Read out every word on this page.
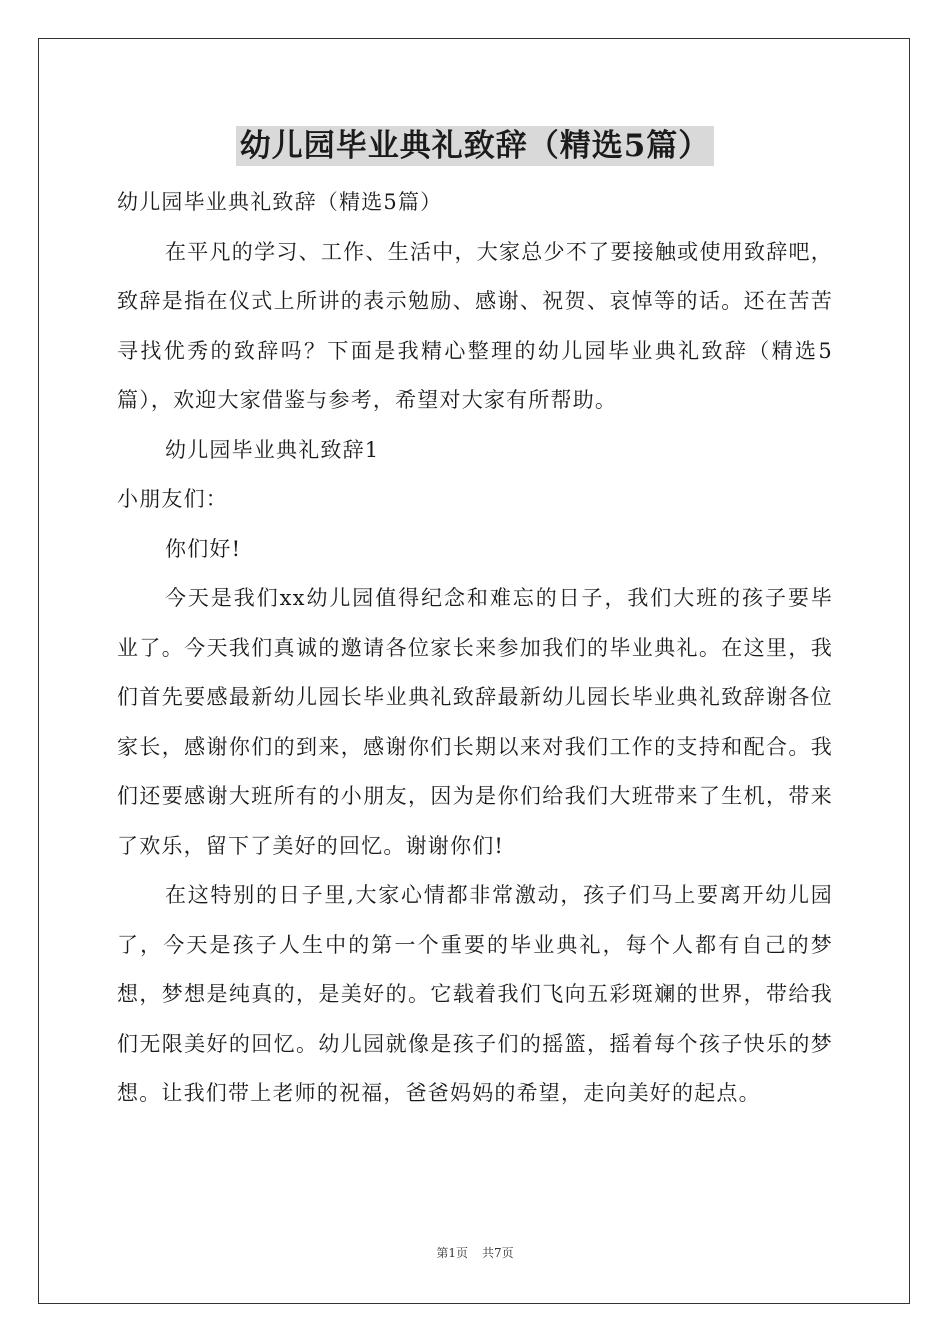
幼儿园毕业典礼致辞（精选5篇）

幼儿园毕业典礼致辞（精选5篇）

在平凡的学习、工作、生活中，大家总少不了要接触或使用致辞吧，致辞是指在仪式上所讲的表示勉励、感谢、祝贺、哀悼等的话。还在苦苦寻找优秀的致辞吗？下面是我精心整理的幼儿园毕业典礼致辞（精选5篇），欢迎大家借鉴与参考，希望对大家有所帮助。

幼儿园毕业典礼致辞1

小朋友们：

你们好!

今天是我们xx幼儿园值得纪念和难忘的日子，我们大班的孩子要毕业了。今天我们真诚的邀请各位家长来参加我们的毕业典礼。在这里，我们首先要感最新幼儿园长毕业典礼致辞最新幼儿园长毕业典礼致辞谢各位家长，感谢你们的到来，感谢你们长期以来对我们工作的支持和配合。我们还要感谢大班所有的小朋友，因为是你们给我们大班带来了生机，带来了欢乐，留下了美好的回忆。谢谢你们!

在这特别的日子里,大家心情都非常激动，孩子们马上要离开幼儿园了，今天是孩子人生中的第一个重要的毕业典礼，每个人都有自己的梦想，梦想是纯真的，是美好的。它载着我们飞向五彩斑斓的世界，带给我们无限美好的回忆。幼儿园就像是孩子们的摇篮，摇着每个孩子快乐的梦想。让我们带上老师的祝福，爸爸妈妈的希望，走向美好的起点。

第1页 共7页
